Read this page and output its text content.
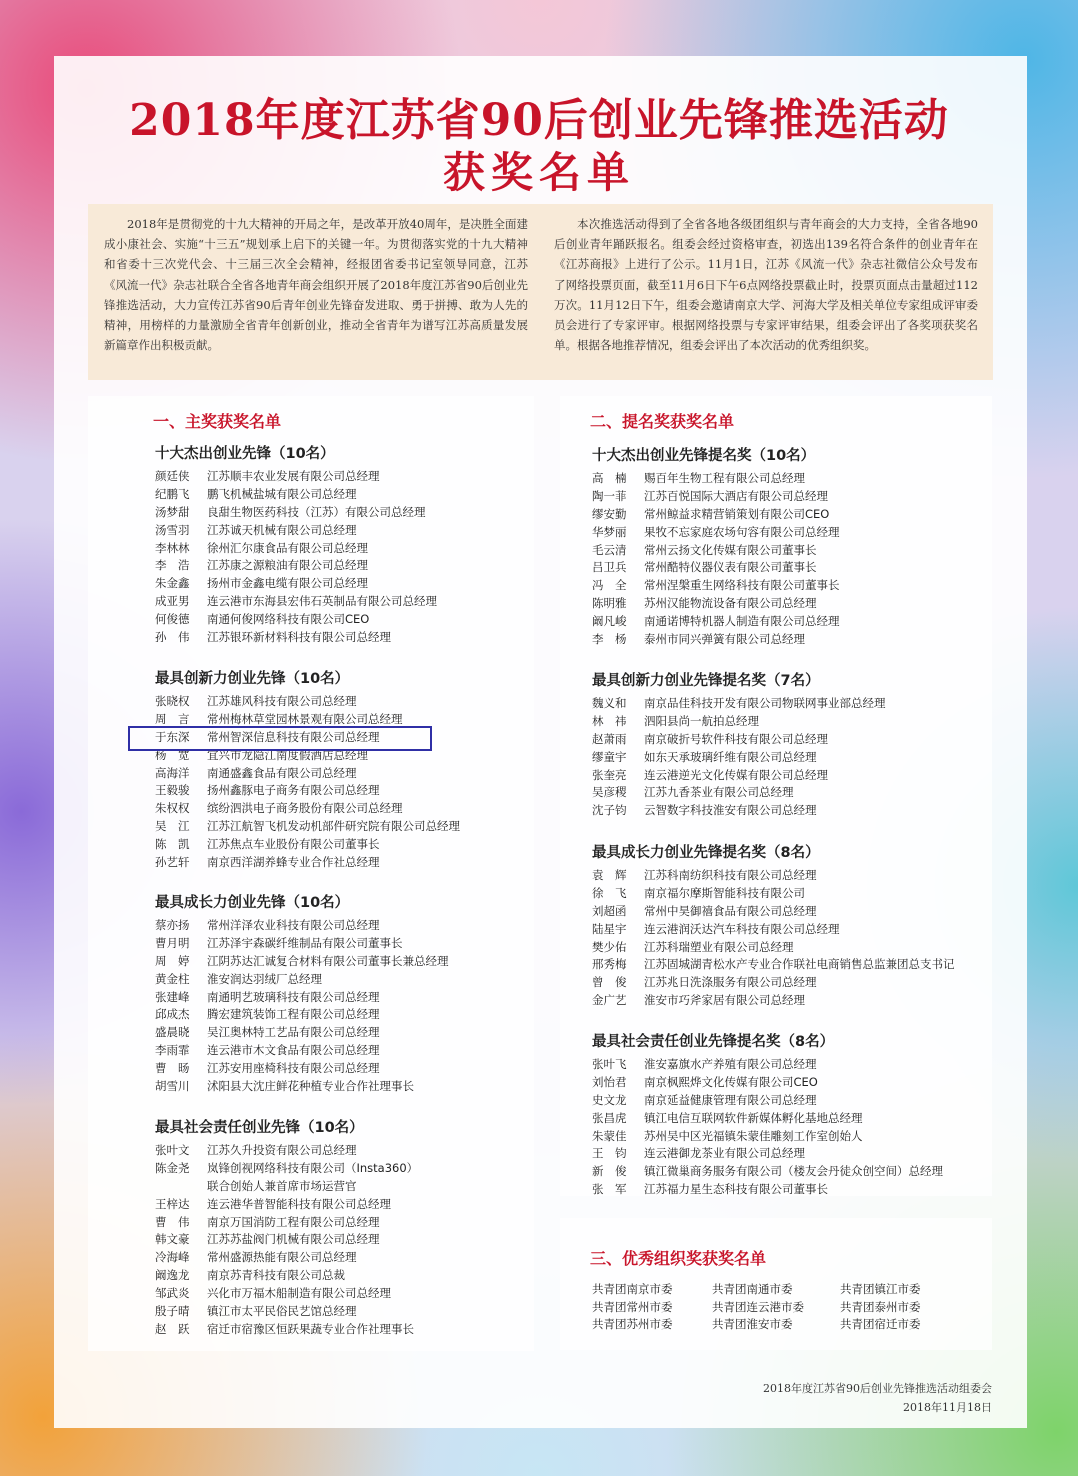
2018年度江苏省90后创业先锋推选活动
获奖名单

2018年是贯彻党的十九大精神的开局之年，是改革开放40周年，是决胜全面建成小康社会、实施“十三五”规划承上启下的关键一年。为贯彻落实党的十九大精神和省委十三次党代会、十三届三次全会精神，经报团省委书记室领导同意，江苏《风流一代》杂志社联合全省各地青年商会组织开展了2018年度江苏省90后创业先锋推选活动，大力宣传江苏省90后青年创业先锋奋发进取、勇于拼搏、敢为人先的精神，用榜样的力量激励全省青年创新创业，推动全省青年为谱写江苏高质量发展新篇章作出积极贡献。

本次推选活动得到了全省各地各级团组织与青年商会的大力支持，全省各地90后创业青年踊跃报名。组委会经过资格审查，初选出139名符合条件的创业青年在《江苏商报》上进行了公示。11月1日，江苏《风流一代》杂志社微信公众号发布了网络投票页面，截至11月6日下午6点网络投票截止时，投票页面点击量超过112万次。11月12日下午，组委会邀请南京大学、河海大学及相关单位专家组成评审委员会进行了专家评审。根据网络投票与专家评审结果，组委会评出了各奖项获奖名单。根据各地推荐情况，组委会评出了本次活动的优秀组织奖。

一、主奖获奖名单
十大杰出创业先锋（10名）
颜廷侠 江苏顺丰农业发展有限公司总经理
纪鹏飞 鹏飞机械盐城有限公司总经理
汤梦甜 良甜生物医药科技（江苏）有限公司总经理
汤雪羽 江苏诚天机械有限公司总经理
李林林 徐州汇尔康食品有限公司总经理
李　浩 江苏康之源粮油有限公司总经理
朱金鑫 扬州市金鑫电缆有限公司总经理
成亚男 连云港市东海县宏伟石英制品有限公司总经理
何俊德 南通何俊网络科技有限公司CEO
孙　伟 江苏银环新材料科技有限公司总经理
最具创新力创业先锋（10名）
张晓权 江苏雄风科技有限公司总经理
周　言 常州梅林草堂园林景观有限公司总经理
于东深 常州智深信息科技有限公司总经理
杨　宽 宜兴市龙隐江南度假酒店总经理
高海洋 南通盛鑫食品有限公司总经理
王毅骏 扬州鑫豚电子商务有限公司总经理
朱权权 缤纷泗洪电子商务股份有限公司总经理
吴　江 江苏江航智飞机发动机部件研究院有限公司总经理
陈　凯 江苏焦点车业股份有限公司董事长
孙艺轩 南京西洋湖养蜂专业合作社总经理
最具成长力创业先锋（10名）
蔡亦扬 常州洋泽农业科技有限公司总经理
曹月明 江苏泽宇森碳纤维制品有限公司董事长
周　婷 江阴苏达汇诚复合材料有限公司董事长兼总经理
黄金柱 淮安润达羽绒厂总经理
张建峰 南通明艺玻璃科技有限公司总经理
邱成杰 腾宏建筑装饰工程有限公司总经理
盛晨晓 吴江奥林特工艺品有限公司总经理
李雨霏 连云港市木文食品有限公司总经理
曹　旸 江苏安用座椅科技有限公司总经理
胡雪川 沭阳县大沈庄鲜花种植专业合作社理事长
最具社会责任创业先锋（10名）
张叶文 江苏久升投资有限公司总经理
陈金尧 岚锋创视网络科技有限公司（Insta360）
联合创始人兼首席市场运营官
王梓达 连云港华普智能科技有限公司总经理
曹　伟 南京万国消防工程有限公司总经理
韩文豪 江苏苏盐阀门机械有限公司总经理
冷海峰 常州盛源热能有限公司总经理
阚逸龙 南京苏青科技有限公司总裁
邹武炎 兴化市万福木船制造有限公司总经理
殷子晴 镇江市太平民俗民艺馆总经理
赵　跃 宿迁市宿豫区恒跃果蔬专业合作社理事长
二、提名奖获奖名单
十大杰出创业先锋提名奖（10名）
高　楠 赐百年生物工程有限公司总经理
陶一菲 江苏百悦国际大酒店有限公司总经理
缪安勤 常州鲸益求精营销策划有限公司CEO
华梦丽 果牧不忘家庭农场句容有限公司总经理
毛云清 常州云扬文化传媒有限公司董事长
吕卫兵 常州酷特仪器仪表有限公司董事长
冯　全 常州涅槃重生网络科技有限公司董事长
陈明雅 苏州汉能物流设备有限公司总经理
阚凡峻 南通诺博特机器人制造有限公司总经理
李　杨 泰州市同兴弹簧有限公司总经理
最具创新力创业先锋提名奖（7名）
魏义和 南京品佳科技开发有限公司物联网事业部总经理
林　祎 泗阳县尚一航拍总经理
赵萧雨 南京破折号软件科技有限公司总经理
缪童宇 如东天承玻璃纤维有限公司总经理
张奎亮 连云港逆光文化传媒有限公司总经理
吴彦稷 江苏九香茶业有限公司总经理
沈子钧 云智数字科技淮安有限公司总经理
最具成长力创业先锋提名奖（8名）
袁　辉 江苏科南纺织科技有限公司总经理
徐　飞 南京福尔摩斯智能科技有限公司
刘超函 常州中昊御禧食品有限公司总经理
陆星宇 连云港润沃达汽车科技有限公司总经理
樊少佑 江苏科瑞塑业有限公司总经理
邢秀梅 江苏固城湖青松水产专业合作联社电商销售总监兼团总支书记
曾　俊 江苏兆日洗涤服务有限公司总经理
金广艺 淮安市巧斧家居有限公司总经理
最具社会责任创业先锋提名奖（8名）
张叶飞 淮安嘉旗水产养殖有限公司总经理
刘怡君 南京枫熙烨文化传媒有限公司CEO
史文龙 南京延益健康管理有限公司总经理
张昌虎 镇江电信互联网软件新媒体孵化基地总经理
朱蒙佳 苏州吴中区光福镇朱蒙佳雕刻工作室创始人
王　钧 连云港御龙茶业有限公司总经理
新　俊 镇江微巢商务服务有限公司（楼友会丹徒众创空间）总经理
张　军 江苏福力星生态科技有限公司董事长
三、优秀组织奖获奖名单
共青团南京市委	共青团南通市委	共青团镇江市委
共青团常州市委	共青团连云港市委	共青团泰州市委
共青团苏州市委	共青团淮安市委	共青团宿迁市委
2018年度江苏省90后创业先锋推选活动组委会
2018年11月18日
